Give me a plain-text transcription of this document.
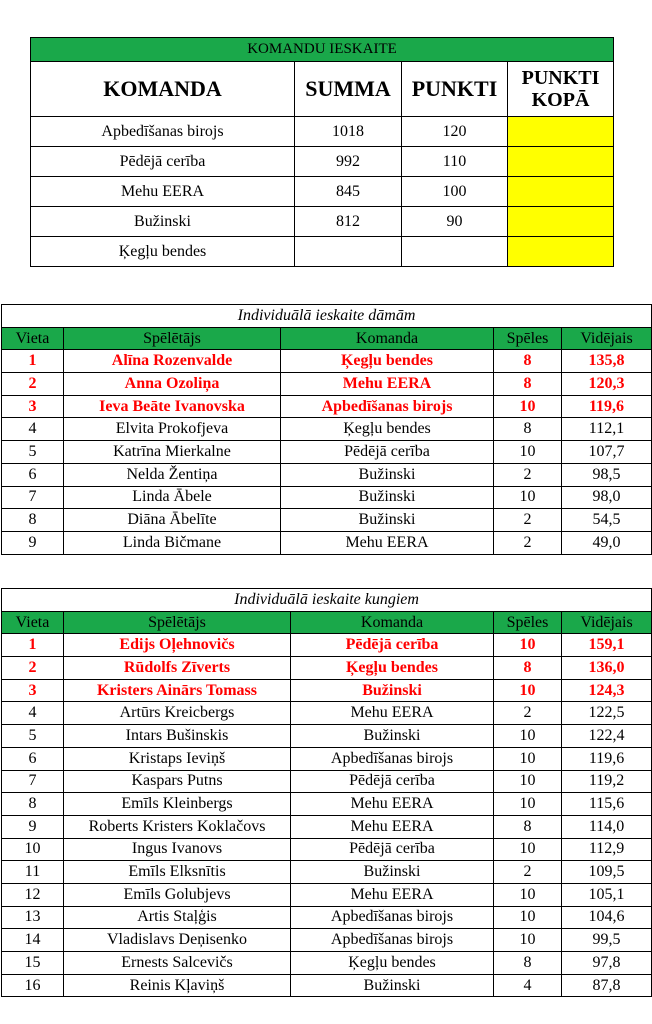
KOMANDU IESKAITE			
KOMANDA	SUMMA	PUNKTI	PUNKTI KOPĀ
Apbedīšanas birojs	1018	120	
Pēdējā cerība	992	110	
Mehu EERA	845	100	
Bužinski	812	90	
Ķegļu bendes			
Individuālā ieskaite dāmām				
Vieta	Spēlētājs	Komanda	Spēles	Vidējais
1	Alīna Rozenvalde	Ķegļu bendes	8	135,8
2	Anna Ozoliņa	Mehu EERA	8	120,3
3	Ieva Beāte Ivanovska	Apbedīšanas birojs	10	119,6
4	Elvita Prokofjeva	Ķegļu bendes	8	112,1
5	Katrīna Mierkalne	Pēdējā cerība	10	107,7
6	Nelda Žentiņa	Bužinski	2	98,5
7	Linda Ābele	Bužinski	10	98,0
8	Diāna Ābelīte	Bužinski	2	54,5
9	Linda Bičmane	Mehu EERA	2	49,0
Individuālā ieskaite kungiem				
Vieta	Spēlētājs	Komanda	Spēles	Vidējais
1	Edijs Oļehnovičs	Pēdējā cerība	10	159,1
2	Rūdolfs Zīverts	Ķegļu bendes	8	136,0
3	Kristers Ainārs Tomass	Bužinski	10	124,3
4	Artūrs Kreicbergs	Mehu EERA	2	122,5
5	Intars Bušinskis	Bužinski	10	122,4
6	Kristaps Ieviņš	Apbedīšanas birojs	10	119,6
7	Kaspars Putns	Pēdējā cerība	10	119,2
8	Emīls Kleinbergs	Mehu EERA	10	115,6
9	Roberts Kristers Koklačovs	Mehu EERA	8	114,0
10	Ingus Ivanovs	Pēdējā cerība	10	112,9
11	Emīls Elksnītis	Bužinski	2	109,5
12	Emīls Golubjevs	Mehu EERA	10	105,1
13	Artis Staļģis	Apbedīšanas birojs	10	104,6
14	Vladislavs Deņisenko	Apbedīšanas birojs	10	99,5
15	Ernests Salcevičs	Ķegļu bendes	8	97,8
16	Reinis Kļaviņš	Bužinski	4	87,8
